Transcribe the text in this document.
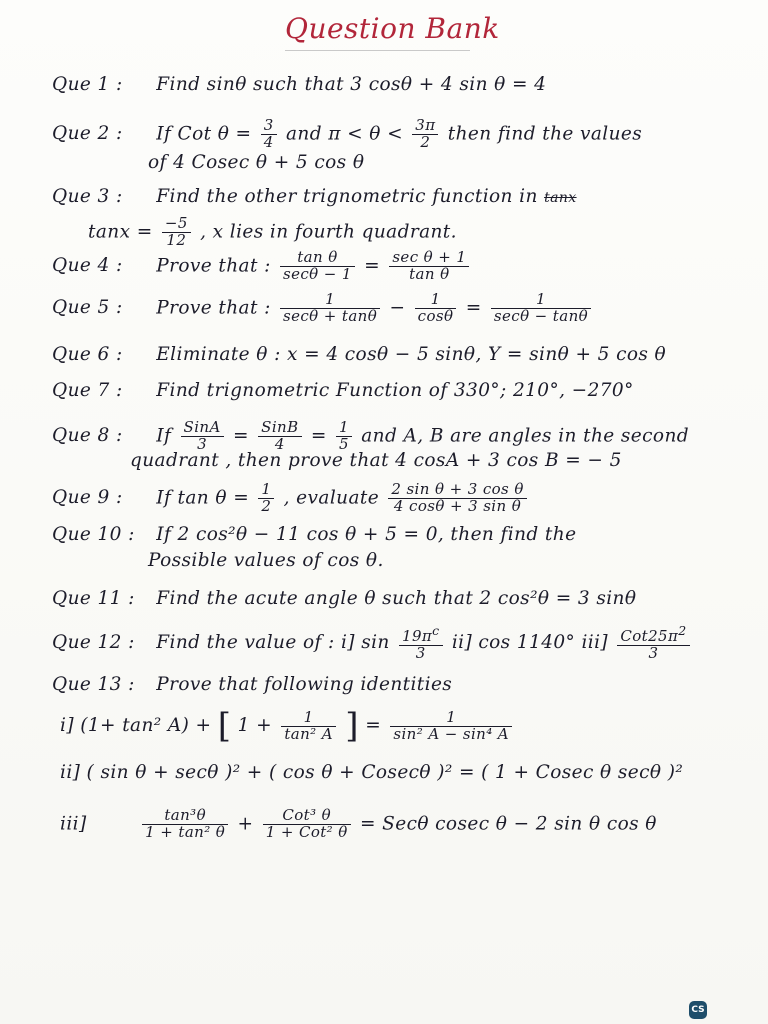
Question Bank
Que 1 : Find sinθ such that 3 cosθ + 4 sin θ = 4
Que 2 : If Cot $\theta = \frac{3}{4}$ and $\pi < \theta < \frac{3\pi}{2}$ then find the values
of 4 Cosec θ + 5 cos θ
Que 3 : Find the other trignometric function in tanx
$\tan x = \frac{-5}{12}$ , x lies in fourth quadrant.
Que 4 : Prove that : $\frac{\text{tan θ}}{\sec\theta - 1} = \frac{\text{sec θ + 1}}{\text{tan θ}}$
Que 5 : Prove that : $\frac{1}{\sec\theta + \tan\theta} - \frac{1}{\cos\theta} = \frac{1}{\sec\theta - \tan\theta}$
Que 6 : Eliminate θ : x = 4 cosθ − 5 sinθ, Y = sinθ + 5 cos θ
Que 7 : Find trignometric Function of 330°; 210°, −270°
Que 8 : If $\frac{\text{SinA}}{3} = \frac{\text{SinB}}{4} = \frac{1}{5}$ and A, B are angles in the second
quadrant , then prove that 4 cosA + 3 cos B = − 5
Que 9 : If $\tan \theta = \frac{1}{2}$ , evaluate $\frac{\text{2 sin θ + 3 cos θ}}{\text{4 cosθ + 3 sin θ}}$
Que 10 : If 2 cos²θ − 11 cos θ + 5 = 0, then find the
Possible values of cos θ.
Que 11 : Find the acute angle θ such that 2 cos²θ = 3 sinθ
Que 12 : Find the value of : i] $\sin \frac{19\pi^c}{3} ii$] cos 1140° $iii] \frac{Cot25\pi^2}{3}$
Que 13 : Prove that following identities
i] (1+ tan² A) + [ $1 + \frac{1}{\text{tan² A}}$ ] = $\frac{1}{\text{sin² A − sin⁴ A}}$
ii] ( sin θ + secθ )² + ( cos θ + Cosecθ )² = ( 1 + Cosec θ secθ )²
iii]	$\frac{\text{tan³θ}}{\text{1 + tan² θ}} + \frac{\text{Cot³ θ}}{\text{1 + Cot² θ}} = Sec\theta$ cosec θ − 2 sin θ cos θ
CS
